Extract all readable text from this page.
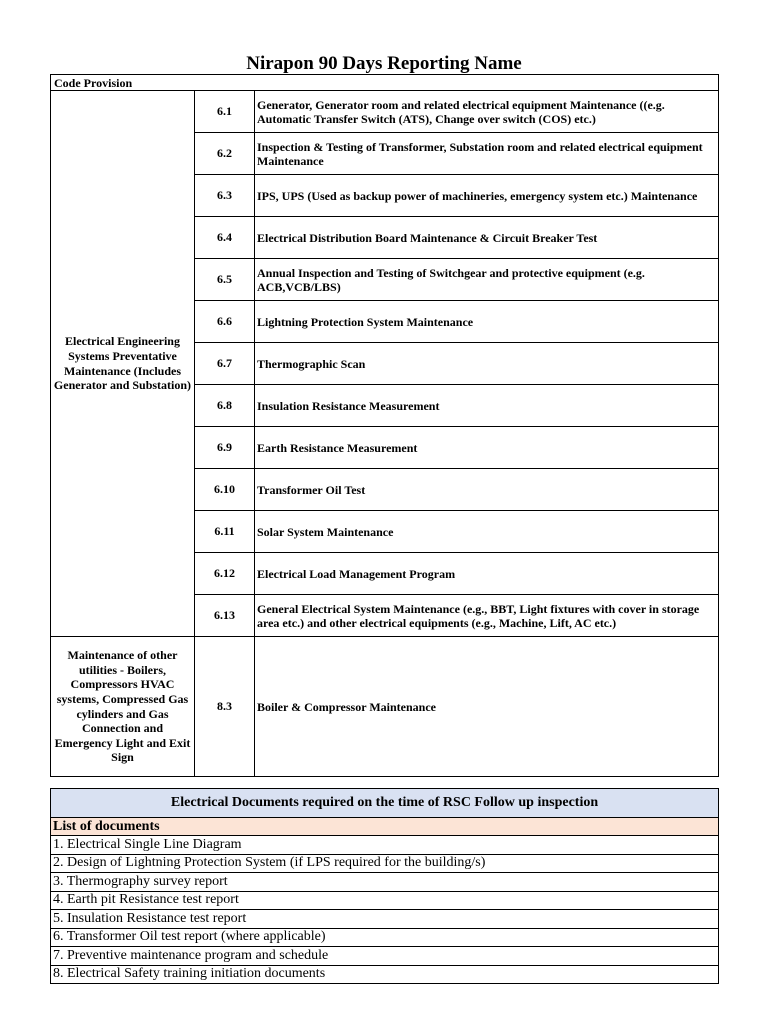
Nirapon 90 Days Reporting Name
Code Provision		
Electrical Engineering Systems Preventative Maintenance (Includes Generator and Substation)	6.1	Generator, Generator room and related electrical equipment Maintenance ((e.g. Automatic Transfer Switch (ATS), Change over switch (COS) etc.)
	6.2	Inspection & Testing of Transformer, Substation room and related electrical equipment Maintenance
	6.3	IPS, UPS (Used as backup power of machineries, emergency system etc.) Maintenance
	6.4	Electrical Distribution Board Maintenance & Circuit Breaker Test
	6.5	Annual Inspection and Testing of Switchgear and protective equipment (e.g. ACB,VCB/LBS)
	6.6	Lightning Protection System Maintenance
	6.7	Thermographic Scan
	6.8	Insulation Resistance Measurement
	6.9	Earth Resistance Measurement
	6.10	Transformer Oil Test
	6.11	Solar System Maintenance
	6.12	Electrical Load Management Program
	6.13	General Electrical System Maintenance (e.g., BBT, Light fixtures with cover in storage area etc.) and other electrical equipments (e.g., Machine, Lift, AC etc.)
Maintenance of other utilities - Boilers, Compressors HVAC systems, Compressed Gas cylinders and Gas Connection and Emergency Light and Exit Sign	8.3	Boiler & Compressor Maintenance
Electrical Documents required on the time of RSC Follow up inspection
List of documents
1. Electrical Single Line Diagram
2. Design of Lightning Protection System (if LPS required for the building/s)
3. Thermography survey report
4. Earth pit Resistance test report
5. Insulation Resistance test report
6. Transformer Oil test report (where applicable)
7. Preventive maintenance program and schedule
8. Electrical Safety training initiation documents
